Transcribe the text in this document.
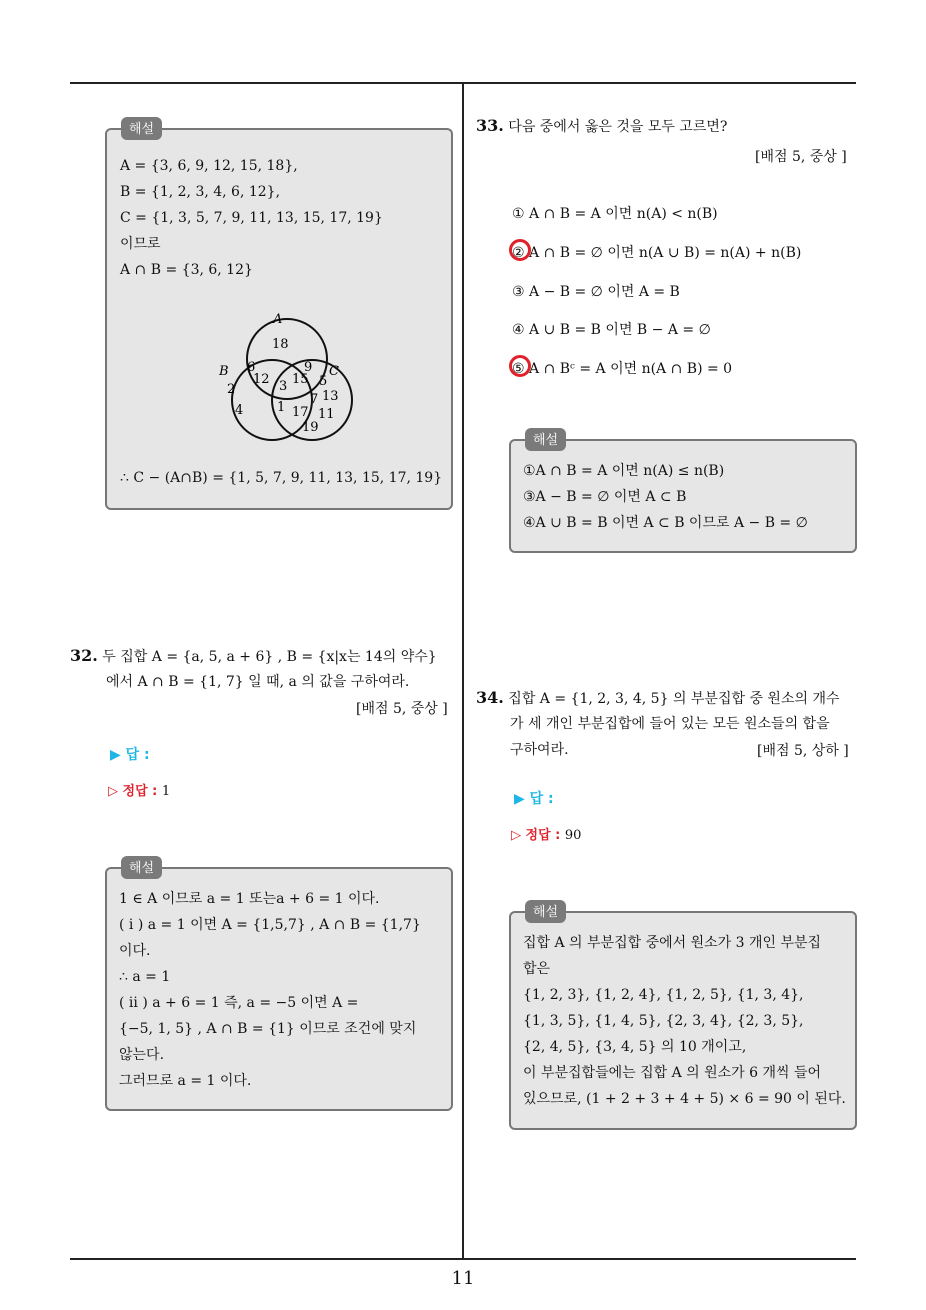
해설
A = {3, 6, 9, 12, 15, 18},
B = {1, 2, 3, 4, 6, 12},
C = {1, 3, 5, 7, 9, 11, 13, 15, 17, 19}
이므로
A ∩ B = {3, 6, 12}
A
B	C
18
6	9
12 3 15 5
2
7 13
4	1 17 11
19
∴ C − (A∩B) = {1, 5, 7, 9, 11, 13, 15, 17, 19}
32. 두 집합 A = {a, 5, a + 6} , B = {x|x는 14의 약수}
에서 A ∩ B = {1, 7} 일 때, a 의 값을 구하여라.
[배점 5, 중상 ]
▶ 답 :
▷ 정답 : 1
해설
1 ∈ A 이므로 a = 1 또는a + 6 = 1 이다.
( i ) a = 1 이면 A = {1,5,7} , A ∩ B = {1,7}
이다.
∴ a = 1
( ii ) a + 6 = 1 즉, a = −5 이면 A =
{−5, 1, 5} , A ∩ B = {1} 이므로 조건에 맞지
않는다.
그러므로 a = 1 이다.
33. 다음 중에서 옳은 것을 모두 고르면?
[배점 5, 중상 ]
① A ∩ B = A 이면 n(A) < n(B)
② A ∩ B = ∅ 이면 n(A ∪ B) = n(A) + n(B)
③ A − B = ∅ 이면 A = B
④ A ∪ B = B 이면 B − A = ∅
⑤ A ∩ Bᶜ = A 이면 n(A ∩ B) = 0
해설
①A ∩ B = A 이면 n(A) ≤ n(B)
③A − B = ∅ 이면 A ⊂ B
④A ∪ B = B 이면 A ⊂ B 이므로 A − B = ∅
34. 집합 A = {1, 2, 3, 4, 5} 의 부분집합 중 원소의 개수
가 세 개인 부분집합에 들어 있는 모든 원소들의 합을
구하여라.	[배점 5, 상하 ]
▶ 답 :
▷ 정답 : 90
해설
집합 A 의 부분집합 중에서 원소가 3 개인 부분집
합은
{1, 2, 3}, {1, 2, 4}, {1, 2, 5}, {1, 3, 4},
{1, 3, 5}, {1, 4, 5}, {2, 3, 4}, {2, 3, 5},
{2, 4, 5}, {3, 4, 5} 의 10 개이고,
이 부분집합들에는 집합 A 의 원소가 6 개씩 들어
있으므로, (1 + 2 + 3 + 4 + 5) × 6 = 90 이 된다.
11
